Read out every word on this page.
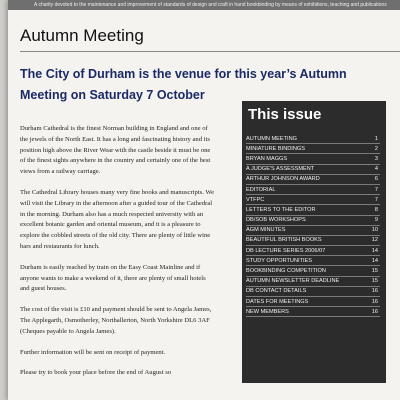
A charity devoted to the maintenance and improvement of standards of design and craft in hand bookbinding by means of exhibitions, teaching and publications
Autumn Meeting
The City of Durham is the venue for this year’s Autumn Meeting on Saturday 7 October

Durham Cathedral is the finest Norman building in England and one of the jewels of the North East. It has a long and fascinating history and its position high above the River Wear with the castle beside it must be one of the finest sights anywhere in the country and certainly one of the best views from a railway carriage.

The Cathedral Library houses many very fine books and manuscripts. We will visit the Library in the afternoon after a guided tour of the Cathedral in the morning. Durham also has a much respected university with an excellent botanic garden and oriental museum, and it is a pleasure to explore the cobbled streets of the old city. There are plenty of little wine bars and restaurants for lunch.

Durham is easily reached by train on the Easy Coast Mainline and if anyone wants to make a weekend of it, there are plenty of small hotels and guest houses.

The cost of the visit is £10 and payment should be sent to Angela James, The Applegarth, Osmotherley, Northallerton, North Yorkshire DL6 3AF (Cheques payable to Angela James).

Further information will be sent on receipt of payment.

Please try to book your place before the end of August so

This issue
AUTUMN MEETING	1
MINIATURE BINDINGS	2
BRYAN MAGGS	3
A JUDGE'S ASSESSMENT	4
ARTHUR JOHNSON AWARD	6
EDITORIAL	7
VTFPC	7
LETTERS TO THE EDITOR	8
DB/SOB WORKSHOPS	9
AGM MINUTES	10
BEAUTIFUL BRITISH BOOKS	12
DB LECTURE SERIES 2006/07	14
STUDY OPPORTUNITIES	14
BOOKBINDING COMPETITION	15
AUTUMN NEWSLETTER DEADLINE	15
DB CONTACT DETAILS	16
DATES FOR MEETINGS	16
NEW MEMBERS	16
